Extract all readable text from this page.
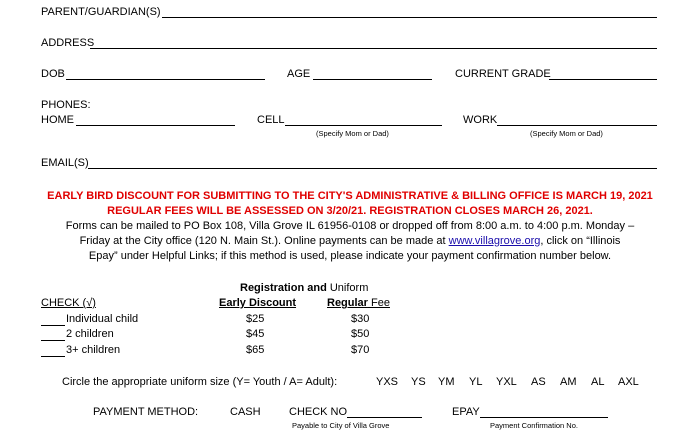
PARENT/GUARDIAN(S)
ADDRESS
DOB	AGE	CURRENT GRADE
PHONES:
HOME	CELL
(Specify Mom or Dad)
WORK
(Specify Mom or Dad)
EMAIL(S)
EARLY BIRD DISCOUNT FOR SUBMITTING TO THE CITY'S ADMINISTRATIVE & BILLING OFFICE IS MARCH 19, 2021
REGULAR FEES WILL BE ASSESSED ON 3/20/21. REGISTRATION CLOSES MARCH 26, 2021.
Forms can be mailed to PO Box 108, Villa Grove IL 61956-0108 or dropped off from 8:00 a.m. to 4:00 p.m. Monday –
Friday at the City office (120 N. Main St.). Online payments can be made at www.villagrove.org, click on “Illinois
Epay” under Helpful Links; if this method is used, please indicate your payment confirmation number below.
Registration and Uniform
CHECK (√)	Early Discount	Regular Fee
Individual child	$25	$30
2 children	$45	$50
3+ children	$65	$70
Circle the appropriate uniform size (Y= Youth / A= Adult):	YXS YS YM YL YXL AS AM AL AXL
PAYMENT METHOD:	CASH	CHECK NO
Payable to City of Villa Grove
EPAY
Payment Confirmation No.
